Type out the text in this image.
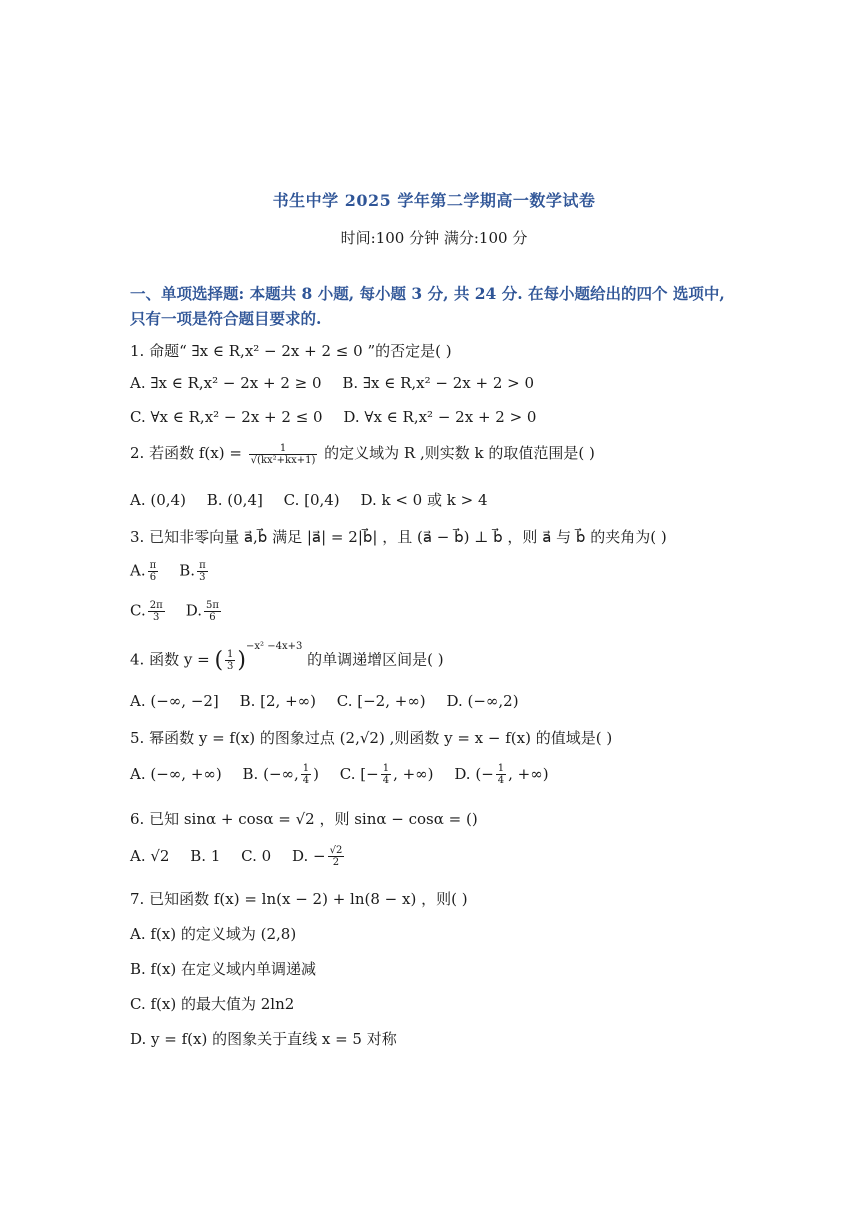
书生中学 2025 学年第二学期高一数学试卷
时间:100 分钟 满分:100 分
一、单项选择题: 本题共 8 小题, 每小题 3 分, 共 24 分. 在每小题给出的四个 选项中,
只有一项是符合题目要求的.
1. 命题“ ∃x ∈ R,x² − 2x + 2 ≤ 0 ”的否定是( )
A. ∃x ∈ R,x² − 2x + 2 ≥ 0 B. ∃x ∈ R,x² − 2x + 2 > 0
C. ∀x ∈ R,x² − 2x + 2 ≤ 0 D. ∀x ∈ R,x² − 2x + 2 > 0
2. 若函数 $f(x) = \frac{1}{\text{√(kx²+kx+1)}}$ 的定义域为 R ,则实数 k 的取值范围是( )
A. (0,4) B. (0,4] C. [0,4) D. k < 0 或 k > 4
3. 已知非零向量 a⃗,b⃗ 满足 |a⃗| = 2|b⃗| ，且 (a⃗ − b⃗) ⊥ b⃗ ，则 a⃗ 与 b⃗ 的夹角为( )
A. $\frac{\pi}{6} B$. $\frac{\pi}{3}$
C. $\frac{2\pi}{3} D$. $\frac{5\pi}{6}$
4. 函数 y = ( $\frac{1}{3} )^{-x^2 -4x+3}$ 的单调递增区间是( )
A. (−∞, −2] B. [2, +∞) C. [−2, +∞) D. (−∞,2)
5. 幂函数 y = f(x) 的图象过点 (2,√2) ,则函数 y = x − f(x) 的值域是( )
A. (−∞, +∞) B. (−∞, $\frac{1}{4}$ ) C. [− $\frac{1}{4}$ , +∞) D. (− $\frac{1}{4}$ , +∞)
6. 已知 sinα + cosα = √2 ，则 sinα − cosα = ()
A. √2 B. 1 C. 0 D. − $\frac{√2}{2}$
7. 已知函数 f(x) = ln(x − 2) + ln(8 − x) ，则( )
A. f(x) 的定义域为 (2,8)
B. f(x) 在定义域内单调递减
C. f(x) 的最大值为 2ln2
D. y = f(x) 的图象关于直线 x = 5 对称
